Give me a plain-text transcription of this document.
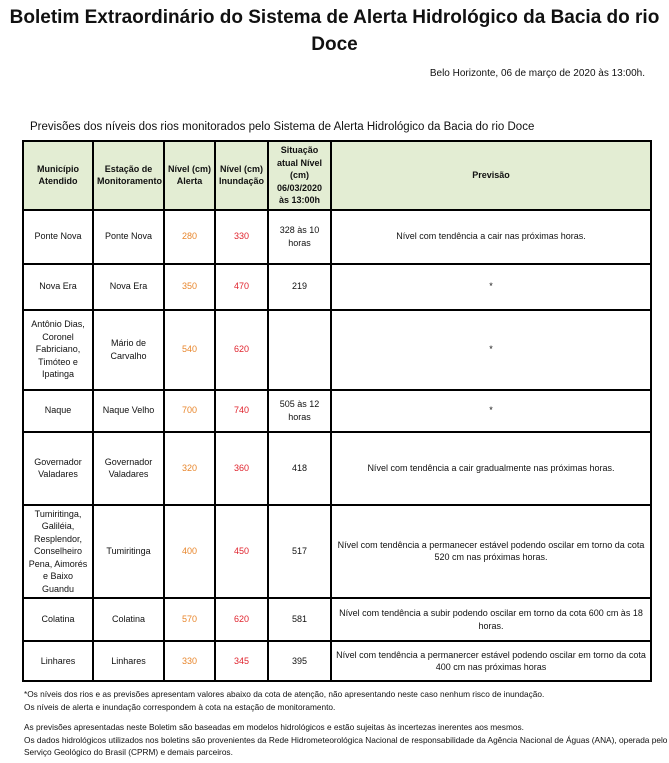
Boletim Extraordinário do Sistema de Alerta Hidrológico da Bacia do rio Doce
Belo Horizonte, 06 de março de 2020 às 13:00h.
Previsões dos níveis dos rios monitorados pelo Sistema de Alerta Hidrológico da Bacia do rio Doce
Município Atendido	Estação de Monitoramento	Nível (cm) Alerta	Nível (cm) Inundação	Situação atual Nível (cm) 06/03/2020 às 13:00h	Previsão
Ponte Nova	Ponte Nova	280	330	328 às 10 horas	Nível com tendência a cair nas próximas horas.
Nova Era	Nova Era	350	470	219	*
Antônio Dias, Coronel Fabriciano, Timóteo e Ipatinga	Mário de Carvalho	540	620		*
Naque	Naque Velho	700	740	505 às 12 horas	*
Governador Valadares	Governador Valadares	320	360	418	Nível com tendência a cair gradualmente nas próximas horas.
Tumiritinga, Galiléia, Resplendor, Conselheiro Pena, Aimorés e Baixo Guandu	Tumiritinga	400	450	517	Nível com tendência a permanecer estável podendo oscilar em torno da cota 520 cm nas próximas horas.
Colatina	Colatina	570	620	581	Nível com tendência a subir podendo oscilar em torno da cota 600 cm às 18 horas.
Linhares	Linhares	330	345	395	Nível com tendência a permanercer estável podendo oscilar em torno da cota 400 cm nas próximas horas
*Os níveis dos rios e as previsões apresentam valores abaixo da cota de atenção, não apresentando neste caso nenhum risco de inundação.
Os níveis de alerta e inundação correspondem à cota na estação de monitoramento.
As previsões apresentadas neste Boletim são baseadas em modelos hidrológicos e estão sujeitas às incertezas inerentes aos mesmos.
Os dados hidrológicos utilizados nos boletins são provenientes da Rede Hidrometeorológica Nacional de responsabilidade da Agência Nacional de Águas (ANA), operada pelo Serviço Geológico do Brasil (CPRM) e demais parceiros.
